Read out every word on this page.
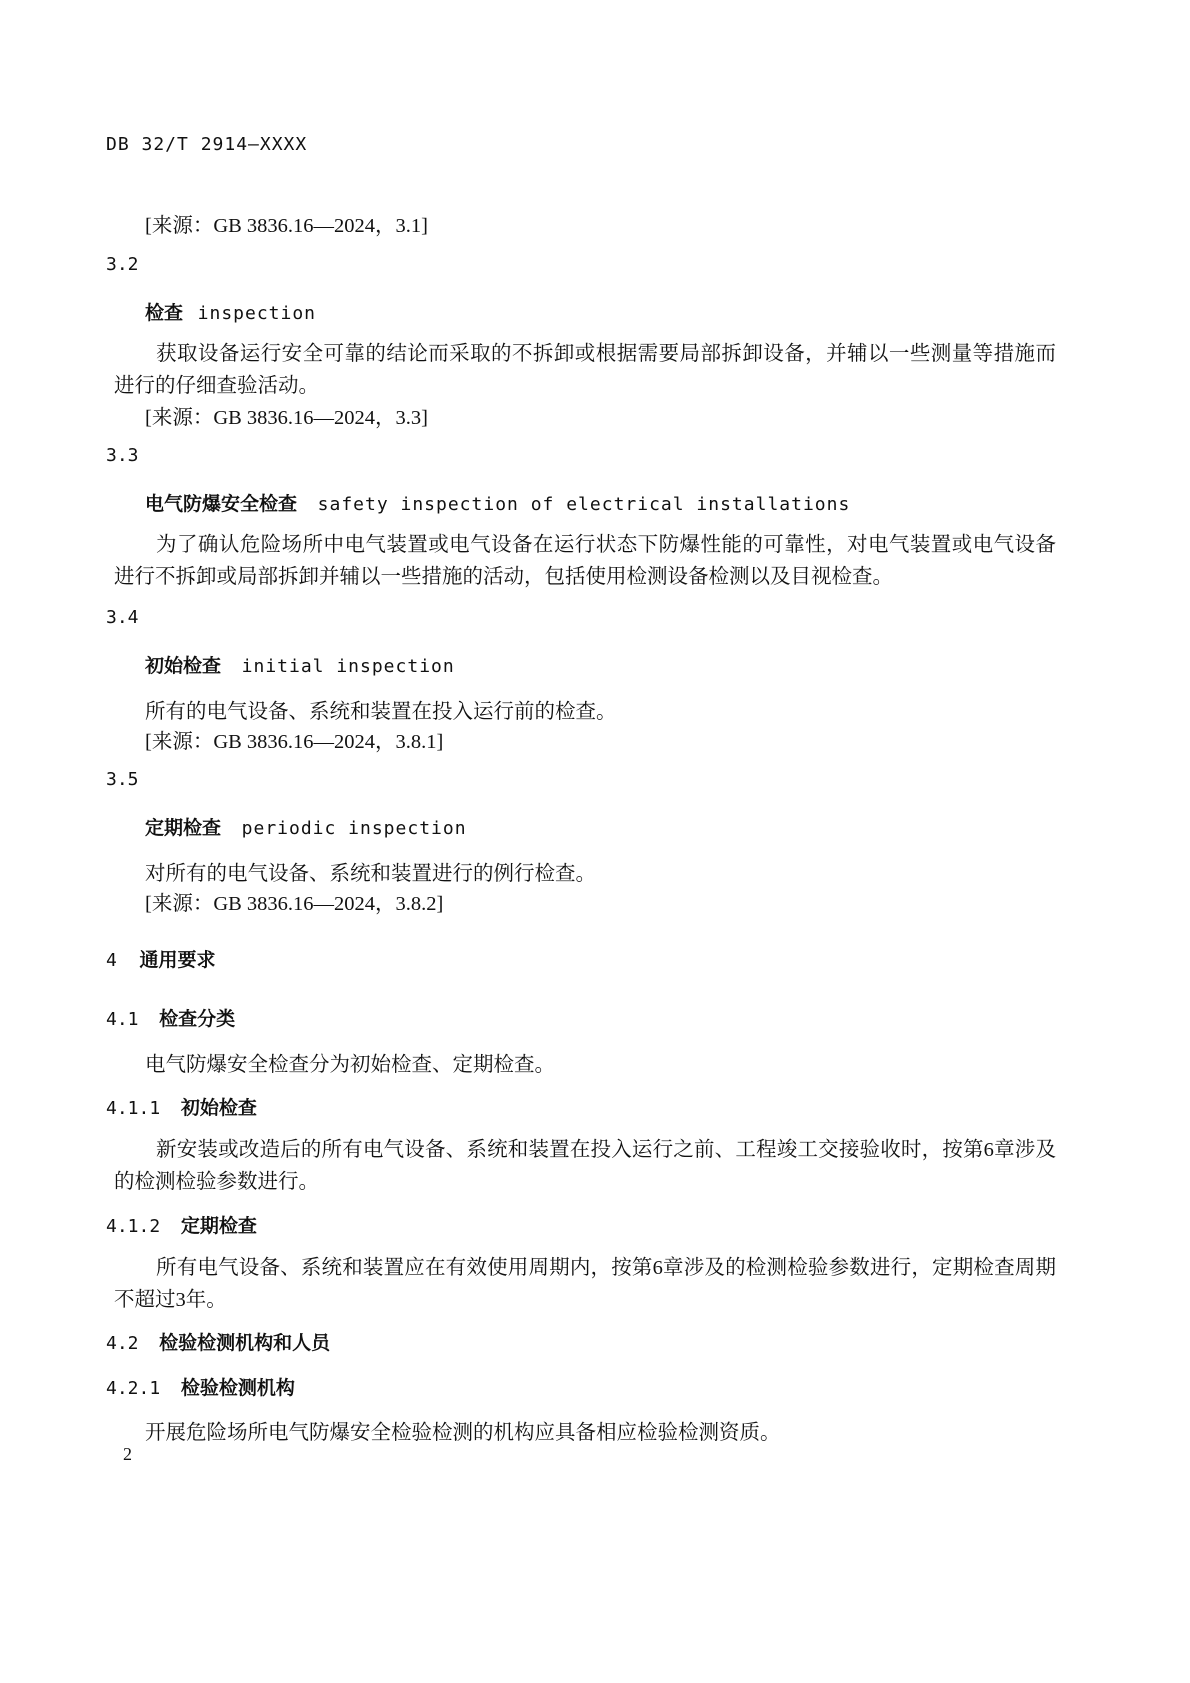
DB 32/T 2914—XXXX
[来源：GB 3836.16—2024，3.1]
3.2
检查 inspection
获取设备运行安全可靠的结论而采取的不拆卸或根据需要局部拆卸设备，并辅以一些测量等措施而进行的仔细查验活动。
[来源：GB 3836.16—2024，3.3]
3.3
电气防爆安全检查 safety inspection of electrical installations
为了确认危险场所中电气装置或电气设备在运行状态下防爆性能的可靠性，对电气装置或电气设备进行不拆卸或局部拆卸并辅以一些措施的活动，包括使用检测设备检测以及目视检查。
3.4
初始检查 initial inspection
所有的电气设备、系统和装置在投入运行前的检查。
[来源：GB 3836.16—2024，3.8.1]
3.5
定期检查 periodic inspection
对所有的电气设备、系统和装置进行的例行检查。
[来源：GB 3836.16—2024，3.8.2]
4 通用要求
4.1 检查分类
电气防爆安全检查分为初始检查、定期检查。
4.1.1 初始检查
新安装或改造后的所有电气设备、系统和装置在投入运行之前、工程竣工交接验收时，按第6章涉及的检测检验参数进行。
4.1.2 定期检查
所有电气设备、系统和装置应在有效使用周期内，按第6章涉及的检测检验参数进行，定期检查周期不超过3年。
4.2 检验检测机构和人员
4.2.1 检验检测机构
开展危险场所电气防爆安全检验检测的机构应具备相应检验检测资质。
2
